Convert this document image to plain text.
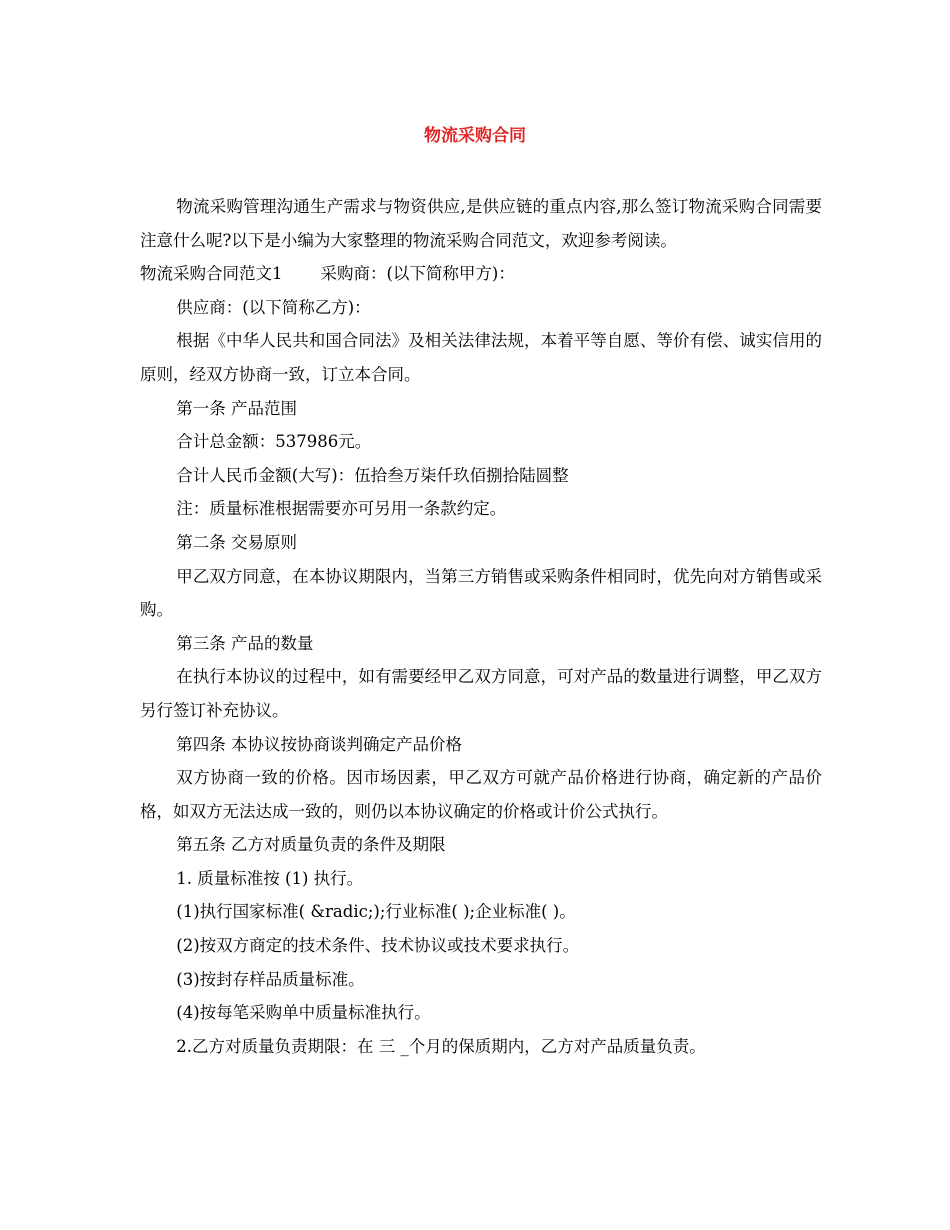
物流采购合同

物流采购管理沟通生产需求与物资供应,是供应链的重点内容,那么签订物流采购合同需要注意什么呢?以下是小编为大家整理的物流采购合同范文，欢迎参考阅读。

物流采购合同范文1 采购商：(以下简称甲方)：

供应商：(以下简称乙方)：

根据《中华人民共和国合同法》及相关法律法规，本着平等自愿、等价有偿、诚实信用的原则，经双方协商一致，订立本合同。

第一条 产品范围

合计总金额：537986元。

合计人民币金额(大写)：伍拾叁万柒仟玖佰捌拾陆圆整

注：质量标准根据需要亦可另用一条款约定。

第二条 交易原则

甲乙双方同意，在本协议期限内，当第三方销售或采购条件相同时，优先向对方销售或采购。

第三条 产品的数量

在执行本协议的过程中，如有需要经甲乙双方同意，可对产品的数量进行调整，甲乙双方另行签订补充协议。

第四条 本协议按协商谈判确定产品价格

双方协商一致的价格。因市场因素，甲乙双方可就产品价格进行协商，确定新的产品价格，如双方无法达成一致的，则仍以本协议确定的价格或计价公式执行。

第五条 乙方对质量负责的条件及期限

1. 质量标准按 (1) 执行。

(1)执行国家标准( &radic;);行业标准( );企业标准( )。

(2)按双方商定的技术条件、技术协议或技术要求执行。

(3)按封存样品质量标准。

(4)按每笔采购单中质量标准执行。

2.乙方对质量负责期限：在 三 _个月的保质期内，乙方对产品质量负责。
